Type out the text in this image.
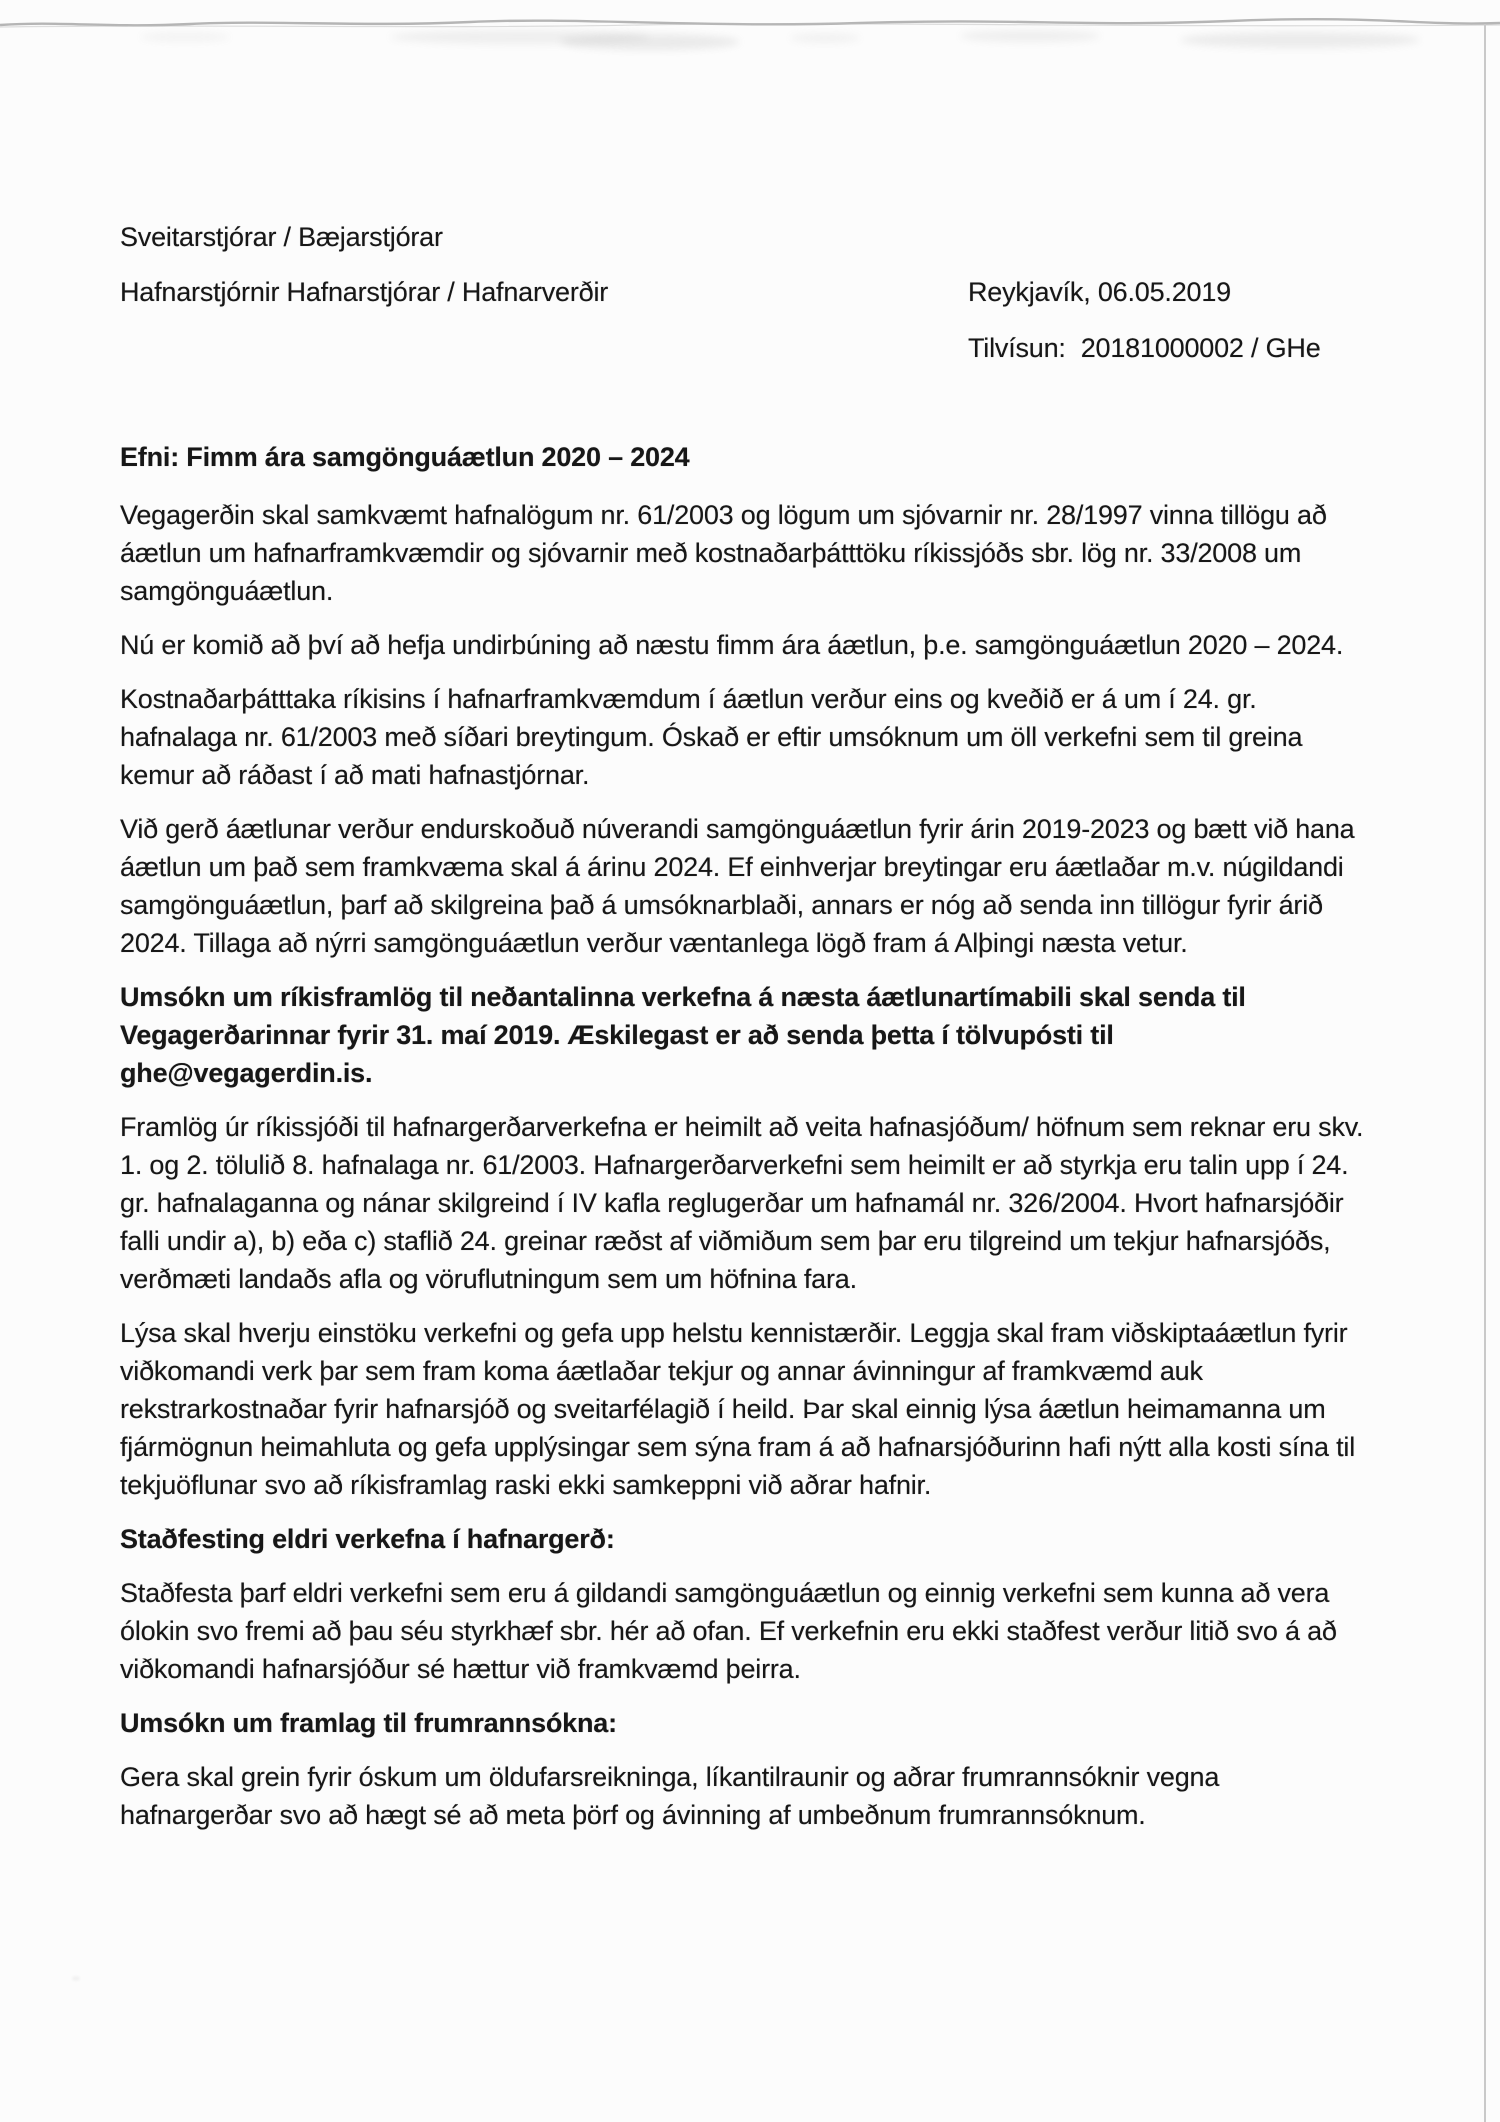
Sveitarstjórar / Bæjarstjórar
Hafnarstjórnir Hafnarstjórar / Hafnarverðir	Reykjavík, 06.05.2019
Tilvísun: 20181000002 / GHe
Efni: Fimm ára samgönguáætlun 2020 – 2024

Vegagerðin skal samkvæmt hafnalögum nr. 61/2003 og lögum um sjóvarnir nr. 28/1997 vinna tillögu að áætlun um hafnarframkvæmdir og sjóvarnir með kostnaðarþátttöku ríkissjóðs sbr. lög nr. 33/2008 um samgönguáætlun.

Nú er komið að því að hefja undirbúning að næstu fimm ára áætlun, þ.e. samgönguáætlun 2020 – 2024.

Kostnaðarþátttaka ríkisins í hafnarframkvæmdum í áætlun verður eins og kveðið er á um í 24. gr. hafnalaga nr. 61/2003 með síðari breytingum. Óskað er eftir umsóknum um öll verkefni sem til greina kemur að ráðast í að mati hafnastjórnar.

Við gerð áætlunar verður endurskoðuð núverandi samgönguáætlun fyrir árin 2019-2023 og bætt við hana áætlun um það sem framkvæma skal á árinu 2024. Ef einhverjar breytingar eru áætlaðar m.v. núgildandi samgönguáætlun, þarf að skilgreina það á umsóknarblaði, annars er nóg að senda inn tillögur fyrir árið 2024. Tillaga að nýrri samgönguáætlun verður væntanlega lögð fram á Alþingi næsta vetur.

Umsókn um ríkisframlög til neðantalinna verkefna á næsta áætlunartímabili skal senda til Vegagerðarinnar fyrir 31. maí 2019. Æskilegast er að senda þetta í tölvupósti til ghe@vegagerdin.is.

Framlög úr ríkissjóði til hafnargerðarverkefna er heimilt að veita hafnasjóðum/ höfnum sem reknar eru skv. 1. og 2. tölulið 8. hafnalaga nr. 61/2003. Hafnargerðarverkefni sem heimilt er að styrkja eru talin upp í 24. gr. hafnalaganna og nánar skilgreind í IV kafla reglugerðar um hafnamál nr. 326/2004. Hvort hafnarsjóðir falli undir a), b) eða c) staflið 24. greinar ræðst af viðmiðum sem þar eru tilgreind um tekjur hafnarsjóðs, verðmæti landaðs afla og vöruflutningum sem um höfnina fara.

Lýsa skal hverju einstöku verkefni og gefa upp helstu kennistærðir. Leggja skal fram viðskiptaáætlun fyrir viðkomandi verk þar sem fram koma áætlaðar tekjur og annar ávinningur af framkvæmd auk rekstrarkostnaðar fyrir hafnarsjóð og sveitarfélagið í heild. Þar skal einnig lýsa áætlun heimamanna um fjármögnun heimahluta og gefa upplýsingar sem sýna fram á að hafnarsjóðurinn hafi nýtt alla kosti sína til tekjuöflunar svo að ríkisframlag raski ekki samkeppni við aðrar hafnir.

Staðfesting eldri verkefna í hafnargerð:

Staðfesta þarf eldri verkefni sem eru á gildandi samgönguáætlun og einnig verkefni sem kunna að vera ólokin svo fremi að þau séu styrkhæf sbr. hér að ofan. Ef verkefnin eru ekki staðfest verður litið svo á að viðkomandi hafnarsjóður sé hættur við framkvæmd þeirra.

Umsókn um framlag til frumrannsókna:

Gera skal grein fyrir óskum um öldufarsreikninga, líkantilraunir og aðrar frumrannsóknir vegna hafnargerðar svo að hægt sé að meta þörf og ávinning af umbeðnum frumrannsóknum.
